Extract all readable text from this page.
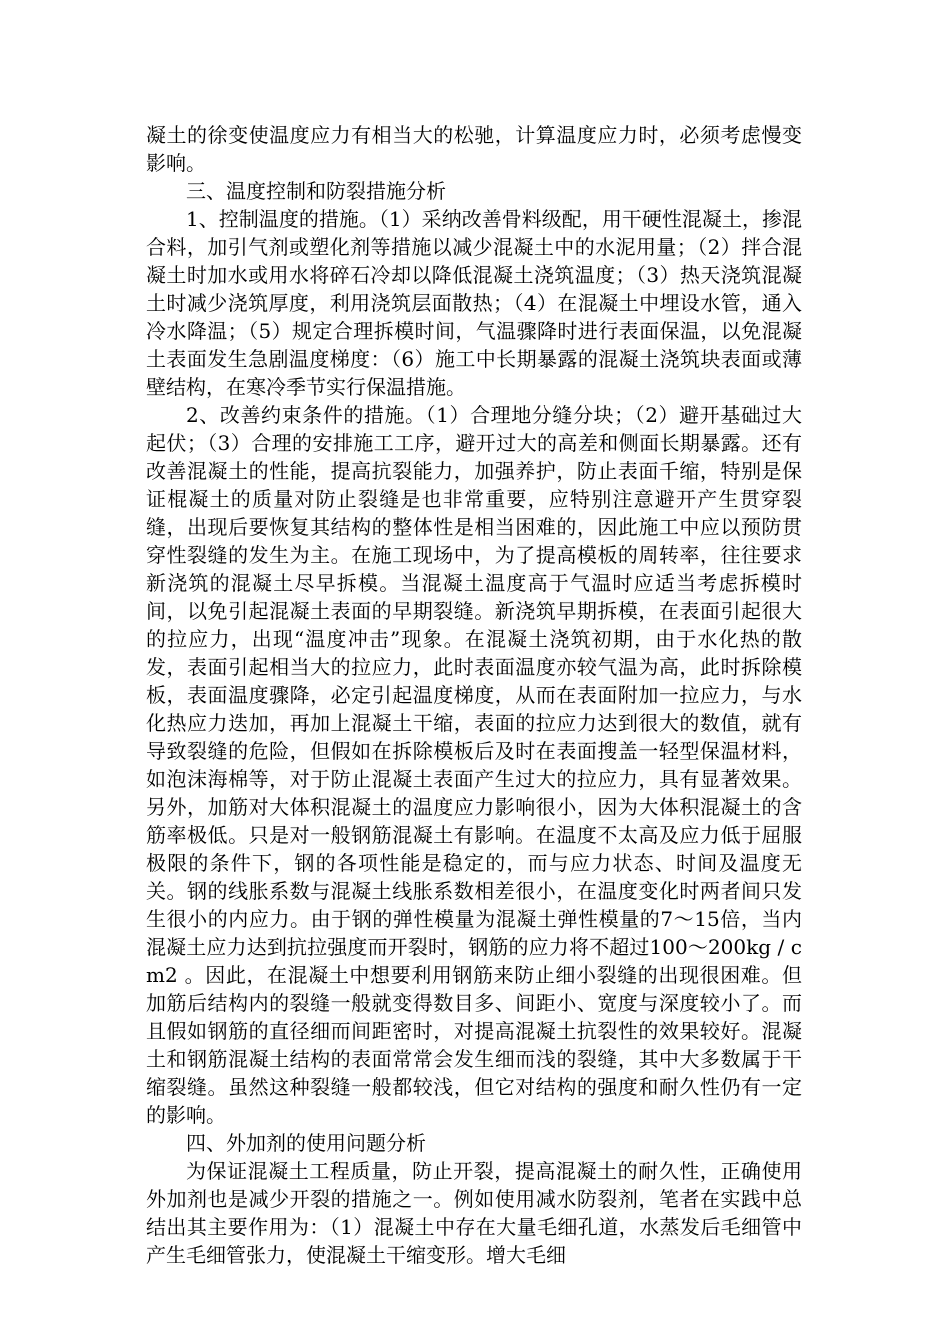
凝土的徐变使温度应力有相当大的松驰，计算温度应力时，必须考虑慢变影响。

三、温度控制和防裂措施分析

1、控制温度的措施。（1）采纳改善骨料级配，用干硬性混凝土，掺混合料，加引气剂或塑化剂等措施以减少混凝土中的水泥用量；（2）拌合混凝土时加水或用水将碎石冷却以降低混凝土浇筑温度；（3）热天浇筑混凝土时减少浇筑厚度，利用浇筑层面散热；（4）在混凝土中埋设水管，通入冷水降温；（5）规定合理拆模时间，气温骤降时进行表面保温，以免混凝土表面发生急剧温度梯度：（6）施工中长期暴露的混凝土浇筑块表面或薄壁结构，在寒冷季节实行保温措施。

2、改善约束条件的措施。（1）合理地分缝分块；（2）避开基础过大起伏；（3）合理的安排施工工序，避开过大的高差和侧面长期暴露。还有改善混凝土的性能，提高抗裂能力，加强养护，防止表面千缩，特别是保证棍凝土的质量对防止裂缝是也非常重要，应特别注意避开产生贯穿裂缝，出现后要恢复其结构的整体性是相当困难的，因此施工中应以预防贯穿性裂缝的发生为主。在施工现场中，为了提高模板的周转率，往往要求新浇筑的混凝土尽早拆模。当混凝土温度高于气温时应适当考虑拆模时间，以免引起混凝土表面的早期裂缝。新浇筑早期拆模，在表面引起很大的拉应力，出现“温度冲击”现象。在混凝土浇筑初期，由于水化热的散发，表面引起相当大的拉应力，此时表面温度亦较气温为高，此时拆除模板，表面温度骤降，必定引起温度梯度，从而在表面附加一拉应力，与水化热应力迭加，再加上混凝土干缩，表面的拉应力达到很大的数值，就有导致裂缝的危险，但假如在拆除模板后及时在表面搜盖一轻型保温材料，如泡沫海棉等，对于防止混凝土表面产生过大的拉应力，具有显著效果。另外，加筋对大体积混凝土的温度应力影响很小，因为大体积混凝土的含筋率极低。只是对一般钢筋混凝土有影响。在温度不太高及应力低于屈服极限的条件下，钢的各项性能是稳定的，而与应力状态、时间及温度无关。钢的线胀系数与混凝土线胀系数相差很小，在温度变化时两者间只发生很小的内应力。由于钢的弹性模量为混凝土弹性模量的7～15倍，当内混凝土应力达到抗拉强度而开裂时，钢筋的应力将不超过100～200kg / cm2 。因此，在混凝土中想要利用钢筋来防止细小裂缝的出现很困难。但加筋后结构内的裂缝一般就变得数目多、间距小、宽度与深度较小了。而且假如钢筋的直径细而间距密时，对提高混凝土抗裂性的效果较好。混凝土和钢筋混凝土结构的表面常常会发生细而浅的裂缝，其中大多数属于干缩裂缝。虽然这种裂缝一般都较浅，但它对结构的强度和耐久性仍有一定的影响。

四、外加剂的使用问题分析

为保证混凝土工程质量，防止开裂，提高混凝土的耐久性，正确使用外加剂也是减少开裂的措施之一。例如使用减水防裂剂，笔者在实践中总结出其主要作用为：（1）混凝土中存在大量毛细孔道，水蒸发后毛细管中产生毛细管张力，使混凝土干缩变形。增大毛细
